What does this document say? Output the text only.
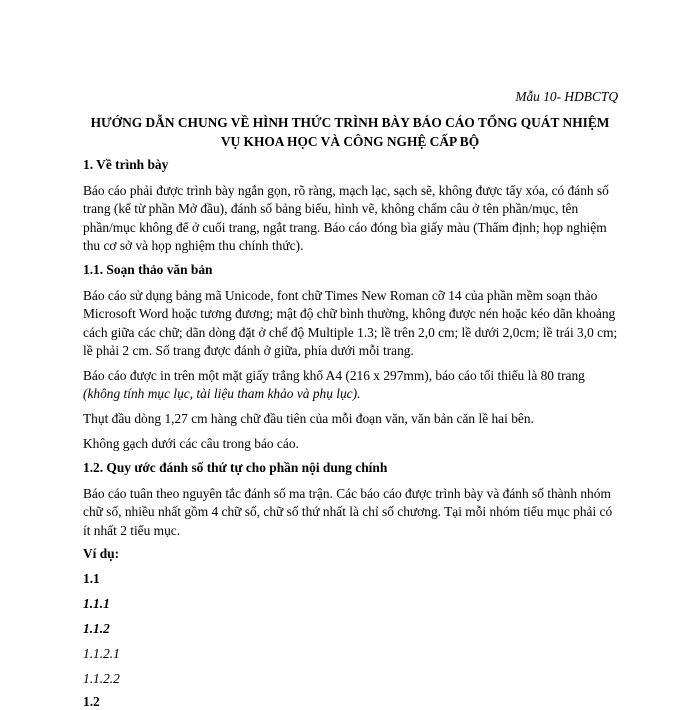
Mẫu 10- HDBCTQ

HƯỚNG DẪN CHUNG VỀ HÌNH THỨC TRÌNH BÀY BÁO CÁO TỔNG QUÁT NHIỆM VỤ KHOA HỌC VÀ CÔNG NGHỆ CẤP BỘ

1. Về trình bày

Báo cáo phải được trình bày ngắn gọn, rõ ràng, mạch lạc, sạch sẽ, không được tẩy xóa, có đánh số trang (kể từ phần Mở đầu), đánh số bảng biểu, hình vẽ, không chấm câu ở tên phần/mục, tên phần/mục không để ở cuối trang, ngắt trang. Báo cáo đóng bìa giấy màu (Thẩm định; họp nghiệm thu cơ sở và họp nghiệm thu chính thức).

1.1. Soạn thảo văn bản

Báo cáo sử dụng bảng mã Unicode, font chữ Times New Roman cỡ 14 của phần mềm soạn thảo Microsoft Word hoặc tương đương; mật độ chữ bình thường, không được nén hoặc kéo dãn khoảng cách giữa các chữ; dãn dòng đặt ở chế độ Multiple 1.3; lề trên 2,0 cm; lề dưới 2,0cm; lề trái 3,0 cm; lề phải 2 cm. Số trang được đánh ở giữa, phía dưới mỗi trang.

Báo cáo được in trên một mặt giấy trắng khổ A4 (216 x 297mm), báo cáo tối thiểu là 80 trang (không tính mục lục, tài liệu tham khảo và phụ lục).

Thụt đầu dòng 1,27 cm hàng chữ đầu tiên của mỗi đoạn văn, văn bản căn lề hai bên.

Không gạch dưới các câu trong báo cáo.

1.2. Quy ước đánh số thứ tự cho phần nội dung chính

Báo cáo tuân theo nguyên tắc đánh số ma trận. Các báo cáo được trình bày và đánh số thành nhóm chữ số, nhiều nhất gồm 4 chữ số, chữ số thứ nhất là chỉ số chương. Tại mỗi nhóm tiểu mục phải có ít nhất 2 tiểu mục.

Ví dụ:

1.1

1.1.1

1.1.2

1.1.2.1

1.1.2.2

1.2
